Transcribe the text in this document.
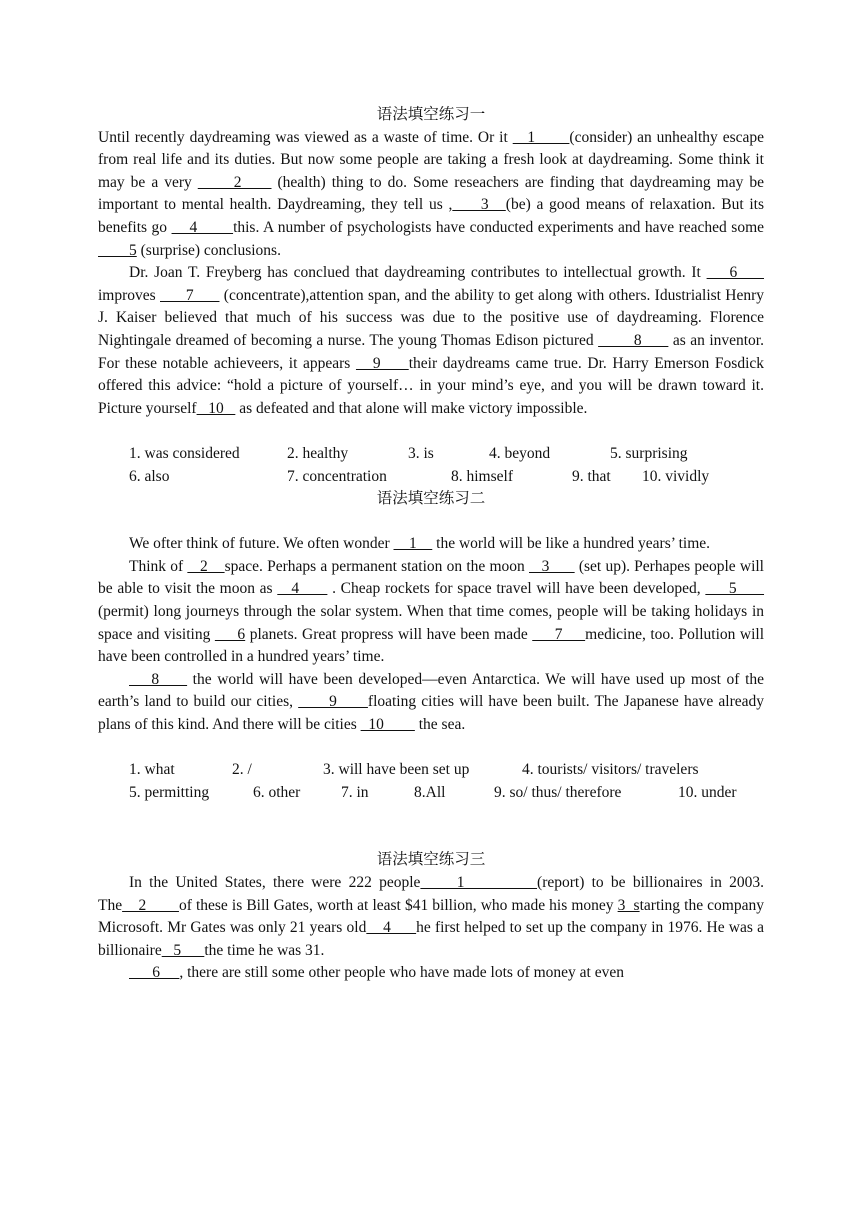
语法填空练习一

Until recently daydreaming was viewed as a waste of time. Or it    1       (consider) an unhealthy escape from real life and its duties. But now some people are taking a fresh look at daydreaming. Some think it may be a very       2      (health) thing to do. Some reseachers are finding that daydreaming may be important to mental health. Daydreaming, they tell us ,     3   (be) a good means of relaxation. But its benefits go     4        this. A number of psychologists have conducted experiments and have reached some         5 (surprise) conclusions.

Dr. Joan T. Freyberg has conclued that daydreaming contributes to intellectual growth. It     6      improves       7       (concentrate),attention span, and the ability to get along with others. Idustrialist Henry J. Kaiser believed that much of his success was due to the positive use of daydreaming. Florence Nightingale dreamed of becoming a nurse. The young Thomas Edison pictured         8       as an inventor. For these notable achieveers, it appears    9     their daydreams came true. Dr. Harry Emerson Fosdick offered this advice: “hold a picture of yourself… in your mind’s eye, and you will be drawn toward it. Picture yourself   10    as defeated and that alone will make victory impossible.

1. was considered	2. healthy	3. is	4. beyond	5. surprising
6. also	7. concentration	8. himself	9. that 10. vividly
语法填空练习二

We ofter think of future. We often wonder     1     the world will be like a hundred years’ time.

Think of    2    space. Perhaps a permanent station on the moon    3       (set up). Perhapes people will be able to visit the moon as    4       . Cheap rockets for space travel will have been developed,      5       (permit) long journeys through the solar system. When that time comes, people will be taking holidays in space and visiting      6 planets. Great propress will have been made      7     medicine, too. Pollution will have been controlled in a hundred years’ time.

8      the world will have been developed—even Antarctica. We will have used up most of the earth’s land to build our cities,       9      floating cities will have been built. The Japanese have already plans of this kind. And there will be cities   10         the sea.

1. what	2. /	3. will have been set up	4. tourists/ visitors/ travelers
5. permitting	6. other	7. in	8.All	9. so/ thus/ therefore	10. under
语法填空练习三

In the United States, there were 222 people     1          (report) to be billionaires in 2003. The    2        of these is Bill Gates, worth at least $41 billion, who made his money 3  starting the company Microsoft. Mr Gates was only 21 years old    4      he first helped to set up the company in 1976. He was a billionaire   5      the time he was 31.

6     , there are still some other people who have made lots of money at even
